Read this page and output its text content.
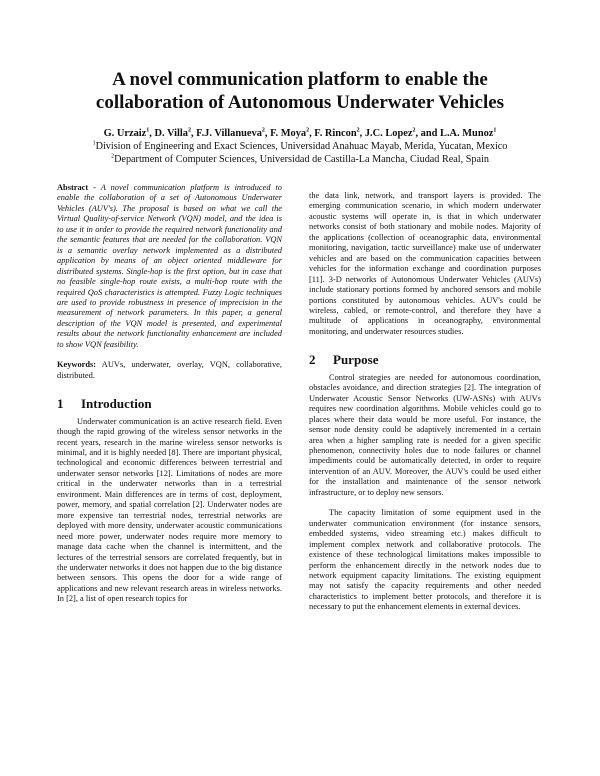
A novel communication platform to enable the
collaboration of Autonomous Underwater Vehicles
G. Urzaiz$^1$, D. Villa$^2$, F.J. Villanueva$^2$, F. Moya$^2$, F. Rincon$^2$, J.C. Lopez$^2$, and L.A. Munoz$^1$
$^1$Division of Engineering and Exact Sciences, Universidad Anahuac Mayab, Merida, Yucatan, Mexico
$^2$Department of Computer Sciences, Universidad de Castilla-La Mancha, Ciudad Real, Spain

Abstract - A novel communication platform is introduced to enable the collaboration of a set of Autonomous Underwater Vehicles (AUV's). The proposal is based on what we call the Virtual Quality-of-service Network (VQN) model, and the idea is to use it in order to provide the required network functionality and the semantic features that are needed for the collaboration. VQN is a semantic overlay network implemented as a distributed application by means of an object oriented middleware for distributed systems. Single-hop is the first option, but in case that no feasible single-hop route exists, a multi-hop route with the required QoS characteristics is attempted. Fuzzy Logic techniques are used to provide robustness in presence of imprecision in the measurement of network parameters. In this paper, a general description of the VQN model is presented, and experimental results about the network functionality enhancement are included to show VQN feasibility.

Keywords: AUVs, underwater, overlay, VQN, collaborative, distributed.

1 Introduction

Underwater communication is an active research field. Even though the rapid growing of the wireless sensor networks in the recent years, research in the marine wireless sensor networks is minimal, and it is highly needed [8]. There are important physical, technological and economic differences between terrestrial and underwater sensor networks [12]. Limitations of nodes are more critical in the underwater networks than in a terrestrial environment. Main differences are in terms of cost, deployment, power, memory, and spatial correlation [2]. Underwater nodes are more expensive tan terrestrial nodes, terrestrial networks are deployed with more density, underwater acoustic communications need more power, underwater nodes require more memory to manage data cache when the channel is intermittent, and the lectures of the terrestrial sensors are correlated frequently, but in the underwater networks it does not happen due to the big distance between sensors. This opens the door for a wide range of applications and new relevant research areas in wireless networks. In [2], a list of open research topics for

the data link, network, and transport layers is provided. The emerging communication scenario, in which modern underwater acoustic systems will operate in, is that in which underwater networks consist of both stationary and mobile nodes. Majority of the applications (collection of oceanographic data, environmental monitoring, navigation, tactic surveillance) make use of underwater vehicles and are based on the communication capacities between vehicles for the information exchange and coordination purposes [11]. 3-D networks of Autonomous Underwater Vehicles (AUVs) include stationary portions formed by anchored sensors and mobile portions constituted by autonomous vehicles. AUV's could be wireless, cabled, or remote-control, and therefore they have a multitude of applications in oceanography, environmental monitoring, and underwater resources studies.

2 Purpose

Control strategies are needed for autonomous coordination, obstacles avoidance, and direction strategies [2]. The integration of Underwater Acoustic Sensor Networks (UW-ASNs) with AUVs requires new coordination algorithms. Mobile vehicles could go to places where their data would be more useful. For instance, the sensor node density could be adaptively incremented in a certain area when a higher sampling rate is needed for a given specific phenomenon, connectivity holes due to node failures or channel impediments could be automatically detected, in order to require intervention of an AUV. Moreover, the AUV's could be used either for the installation and maintenance of the sensor network infrastructure, or to deploy new sensors.

The capacity limitation of some equipment used in the underwater communication environment (for instance sensors, embedded systems, video streaming etc.) makes difficult to implement complex network and collaborative protocols. The existence of these technological limitations makes impossible to perform the enhancement directly in the network nodes due to network equipment capacity limitations. The existing equipment may not satisfy the capacity requirements and other needed characteristics to implement better protocols, and therefore it is necessary to put the enhancement elements in external devices.
